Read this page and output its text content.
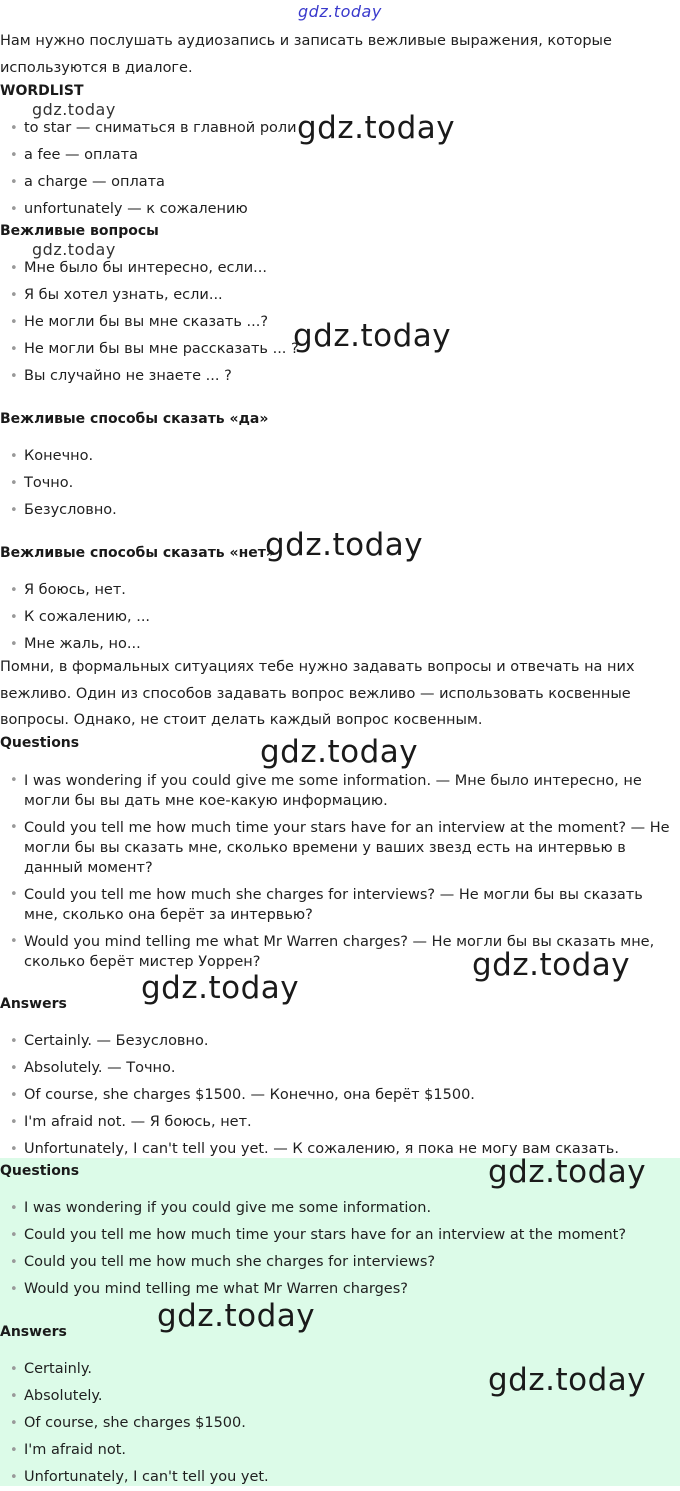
gdz.today

Нам нужно послушать аудиозапись и записать вежливые выражения, которые используются в диалоге.

WORDLIST
• to star — сниматься в главной роли
• a fee — оплата
• a charge — оплата
• unfortunately — к сожалению
Вежливые вопросы
• Мне было бы интересно, если...
• Я бы хотел узнать, если...
• Не могли бы вы мне сказать ...?
• Не могли бы вы мне рассказать ... ?
• Вы случайно не знаете ... ?
Вежливые способы сказать «да»
• Конечно.
• Точно.
• Безусловно.
Вежливые способы сказать «нет»
• Я боюсь, нет.
• К сожалению, ...
• Мне жаль, но...

Помни, в формальных ситуациях тебе нужно задавать вопросы и отвечать на них вежливо. Один из способов задавать вопрос вежливо — использовать косвенные вопросы. Однако, не стоит делать каждый вопрос косвенным.

Questions
• I was wondering if you could give me some information. — Мне было интересно, не могли бы вы дать мне кое-какую информацию.
• Could you tell me how much time your stars have for an interview at the moment? — Не могли бы вы сказать мне, сколько времени у ваших звезд есть на интервью в данный момент?
• Could you tell me how much she charges for interviews? — Не могли бы вы сказать мне, сколько она берёт за интервью?
• Would you mind telling me what Mr Warren charges? — Не могли бы вы сказать мне, сколько берёт мистер Уоррен?
Answers
• Certainly. — Безусловно.
• Absolutely. — Точно.
• Of course, she charges $1500. — Конечно, она берёт $1500.
• I'm afraid not. — Я боюсь, нет.
• Unfortunately, I can't tell you yet. — К сожалению, я пока не могу вам сказать.
Questions
• I was wondering if you could give me some information.
• Could you tell me how much time your stars have for an interview at the moment?
• Could you tell me how much she charges for interviews?
• Would you mind telling me what Mr Warren charges?
Answers
• Certainly.
• Absolutely.
• Of course, she charges $1500.
• I'm afraid not.
• Unfortunately, I can't tell you yet.
gdz.today
gdz.today
gdz.today
gdz.today
gdz.today
gdz.today
gdz.today
gdz.today
gdz.today
gdz.today
gdz.today
